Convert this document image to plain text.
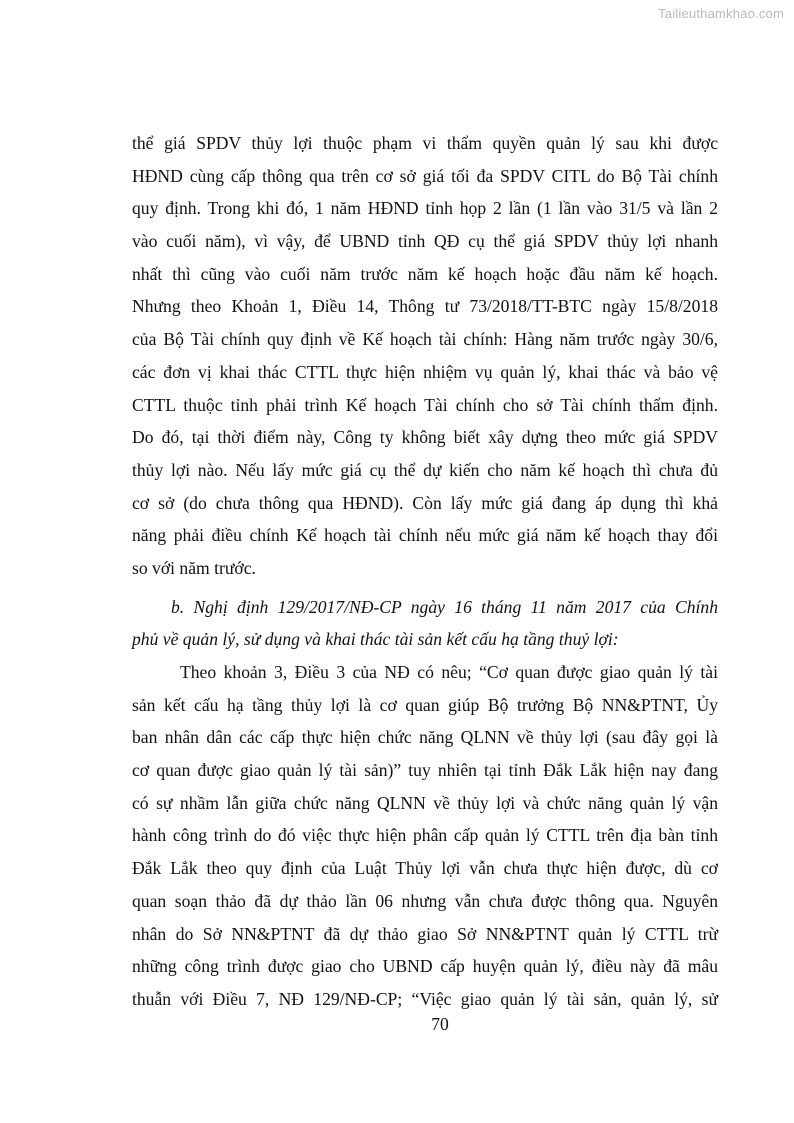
Tailieuthamkhao.com
thể giá SPDV thủy lợi thuộc phạm vi thẩm quyền quản lý sau khi được
HĐND cùng cấp thông qua trên cơ sở giá tối đa SPDV CITL do Bộ Tài chính
quy định. Trong khi đó, 1 năm HĐND tỉnh họp 2 lần (1 lần vào 31/5 và lần 2
vào cuối năm), vì vậy, để UBND tỉnh QĐ cụ thể giá SPDV thủy lợi nhanh
nhất thì cũng vào cuối năm trước năm kế hoạch hoặc đầu năm kế hoạch.
Nhưng theo Khoản 1, Điều 14, Thông tư 73/2018/TT-BTC ngày 15/8/2018
của Bộ Tài chính quy định về Kế hoạch tài chính: Hàng năm trước ngày 30/6,
các đơn vị khai thác CTTL thực hiện nhiệm vụ quản lý, khai thác và bảo vệ
CTTL thuộc tỉnh phải trình Kế hoạch Tài chính cho sở Tài chính thẩm định.
Do đó, tại thời điểm này, Công ty không biết xây dựng theo mức giá SPDV
thủy lợi nào. Nếu lấy mức giá cụ thể dự kiến cho năm kế hoạch thì chưa đủ
cơ sở (do chưa thông qua HĐND). Còn lấy mức giá đang áp dụng thì khả
năng phải điều chính Kế hoạch tài chính nếu mức giá năm kế hoạch thay đổi
so với năm trước.
b. Nghị định 129/2017/NĐ-CP ngày 16 tháng 11 năm 2017 của Chính
phủ về quản lý, sử dụng và khai thác tài sản kết cấu hạ tầng thuỷ lợi:
Theo khoản 3, Điều 3 của NĐ có nêu; “Cơ quan được giao quản lý tài
sản kết cấu hạ tầng thủy lợi là cơ quan giúp Bộ trưởng Bộ NN&PTNT, Ủy
ban nhân dân các cấp thực hiện chức năng QLNN về thủy lợi (sau đây gọi là
cơ quan được giao quản lý tài sản)” tuy nhiên tại tỉnh Đắk Lắk hiện nay đang
có sự nhầm lẫn giữa chức năng QLNN về thủy lợi và chức năng quản lý vận
hành công trình do đó việc thực hiện phân cấp quản lý CTTL trên địa bàn tỉnh
Đắk Lắk theo quy định của Luật Thủy lợi vẫn chưa thực hiện được, dù cơ
quan soạn thảo đã dự thảo lần 06 nhưng vẫn chưa được thông qua. Nguyên
nhân do Sở NN&PTNT đã dự thảo giao Sở NN&PTNT quản lý CTTL trừ
những công trình được giao cho UBND cấp huyện quản lý, điều này đã mâu
thuẫn với Điều 7, NĐ 129/NĐ-CP; “Việc giao quản lý tài sản, quản lý, sử
70
